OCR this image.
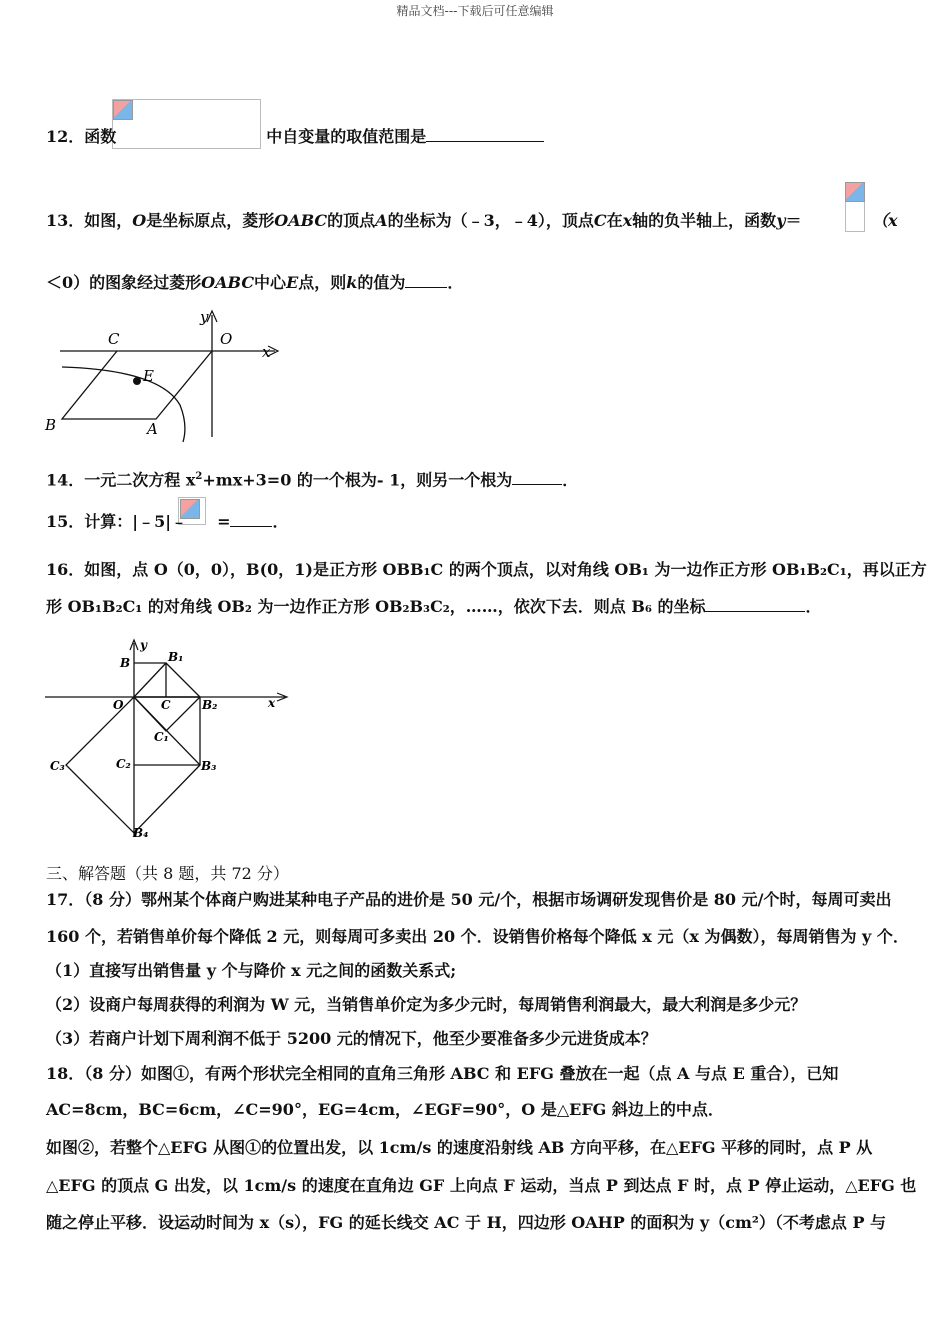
精品文档---下载后可任意编辑
12．函数	中自变量的取值范围是
13．如图，O是坐标原点，菱形OABC的顶点A的坐标为（﹣3，﹣4），顶点C在x轴的负半轴上，函数y＝	（x
＜0）的图象经过菱形OABC中心E点，则k的值为	．
C
y
O
x
E
B	A
14．一元二次方程 $x^2+mx+3=0$ 的一个根为- 1，则另一个根为	．
15．计算：|﹣5|﹣ =	．
16．如图，点 O（0，0），B(0，1)是正方形 OBB₁C 的两个顶点，以对角线 OB₁ 为一边作正方形 OB₁B₂C₁，再以正方
形 OB₁B₂C₁ 的对角线 OB₂ 为一边作正方形 OB₂B₃C₂，……，依次下去．则点 B₆ 的坐标	．
y
B	B₁
O	C	B₂	x
C₁
C₃	C₂	B₃
B₄
三、解答题（共 8 题，共 72 分）
17．（8 分）鄂州某个体商户购进某种电子产品的进价是 50 元/个，根据市场调研发现售价是 80 元/个时，每周可卖出
160 个，若销售单价每个降低 2 元，则每周可多卖出 20 个．设销售价格每个降低 x 元（x 为偶数），每周销售为 y 个．
（1）直接写出销售量 y 个与降价 x 元之间的函数关系式;
（2）设商户每周获得的利润为 W 元，当销售单价定为多少元时，每周销售利润最大，最大利润是多少元？
（3）若商户计划下周利润不低于 5200 元的情况下，他至少要准备多少元进货成本？
18．（8 分）如图①，有两个形状完全相同的直角三角形 ABC 和 EFG 叠放在一起（点 A 与点 E 重合），已知
AC=8cm，BC=6cm，∠C=90°，EG=4cm，∠EGF=90°，O 是△EFG 斜边上的中点．
如图②，若整个△EFG 从图①的位置出发，以 1cm/s 的速度沿射线 AB 方向平移，在△EFG 平移的同时，点 P 从
△EFG 的顶点 G 出发，以 1cm/s 的速度在直角边 GF 上向点 F 运动，当点 P 到达点 F 时，点 P 停止运动，△EFG 也
随之停止平移．设运动时间为 x（s），FG 的延长线交 AC 于 H，四边形 OAHP 的面积为 y（cm²）（不考虑点 P 与
